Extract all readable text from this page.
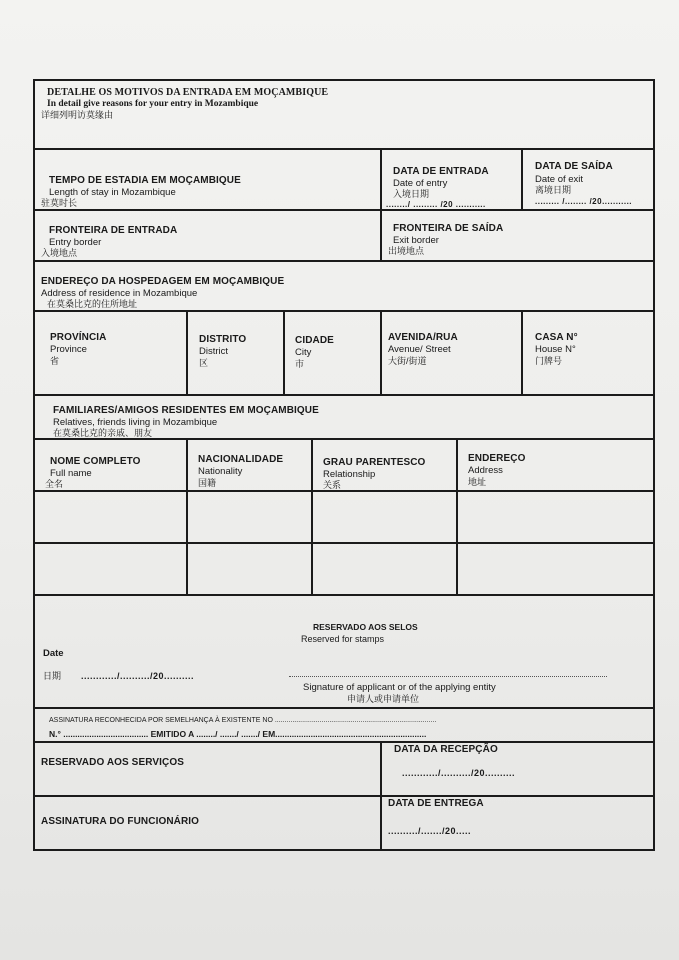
DETALHE OS MOTIVOS DA ENTRADA EM MOÇAMBIQUE
In detail give reasons for your entry in Mozambique
详细列明访莫缘由
TEMPO DE ESTADIA EM MOÇAMBIQUE
Length of stay in Mozambique
驻莫时长
DATA DE ENTRADA
Date of entry
入境日期
......../ ......... /20 ...........
DATA DE SAÍDA
Date of exit
离境日期
......... /........ /20...........
FRONTEIRA DE ENTRADA
Entry border
入境地点
FRONTEIRA DE SAÍDA
Exit border
出境地点
ENDEREÇO DA HOSPEDAGEM EM MOÇAMBIQUE
Address of residence in Mozambique
在莫桑比克的住所地址
PROVÍNCIA
Province
省
DISTRITO
District
区
CIDADE
City
市
AVENIDA/RUA
Avenue/ Street
大街/街道
CASA N°
House N°
门牌号
FAMILIARES/AMIGOS RESIDENTES EM MOÇAMBIQUE
Relatives, friends living in Mozambique
在莫桑比克的亲戚、朋友
NOME COMPLETO
Full name
全名
NACIONALIDADE
Nationality
国籍
GRAU PARENTESCO
Relationship
关系
ENDEREÇO
Address
地址
RESERVADO AOS SELOS
Reserved for stamps
Date
日期 ............/........../20..........
Signature of applicant or of the applying entity
申请人或申请单位
ASSINATURA RECONHECIDA POR SEMELHANÇA À EXISTENTE NO ...................................................................................
N.° .................................... EMITIDO A ......../ ......./ ......./ EM................................................................
RESERVADO AOS SERVIÇOS
DATA DA RECEPÇÃO
............/........../20..........
ASSINATURA DO FUNCIONÁRIO
DATA DE ENTREGA
........../......./20.....
